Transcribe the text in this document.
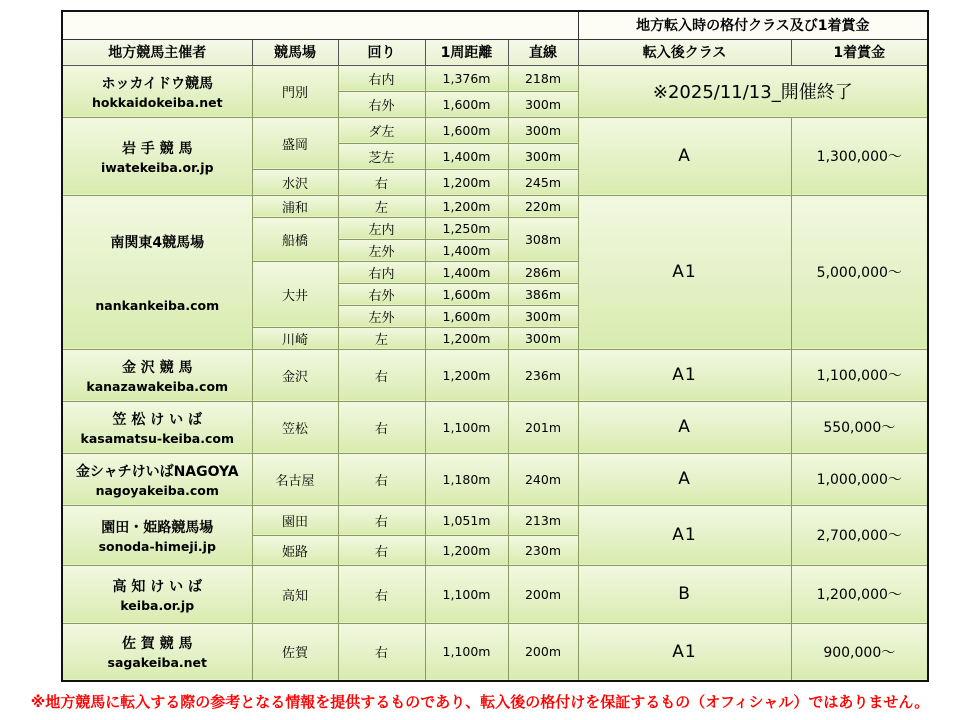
					地方転入時の格付クラス及び1着賞金	
地方競馬主催者	競馬場	回り	1周距離	直線	転入後クラス	1着賞金

ホッカイドウ競馬
hokkaidokeiba.net	門別	右内	1,376m	218m	※2025/11/13_開催終了	
		右外	1,600m	300m		

岩 手 競 馬
iwatekeiba.or.jp	盛岡	ダ左	1,600m	300m	A	1,300,000～
		芝左	1,400m	300m		
	水沢	右	1,200m	245m		

南関東4競馬場
nankankeiba.com	浦和	左	1,200m	220m	A1	5,000,000～
	船橋	左内	1,250m	308m		
		左外	1,400m			
	大井	右内	1,400m	286m		
		右外	1,600m	386m		
		左外	1,600m	300m		
	川崎	左	1,200m	300m		

金 沢 競 馬
kanazawakeiba.com	金沢	右	1,200m	236m	A1	1,100,000～

笠 松 け い ば
kasamatsu-keiba.com	笠松	右	1,100m	201m	A	550,000～

金シャチけいばNAGOYA
nagoyakeiba.com	名古屋	右	1,180m	240m	A	1,000,000～

園田・姫路競馬場
sonoda-himeji.jp	園田	右	1,051m	213m	A1	2,700,000～
	姫路	右	1,200m	230m		

高 知 け い ば
keiba.or.jp	高知	右	1,100m	200m	B	1,200,000～

佐 賀 競 馬
sagakeiba.net	佐賀	右	1,100m	200m	A1	900,000～
※地方競馬に転入する際の参考となる情報を提供するものであり、転入後の格付けを保証するもの（オフィシャル）ではありません。
